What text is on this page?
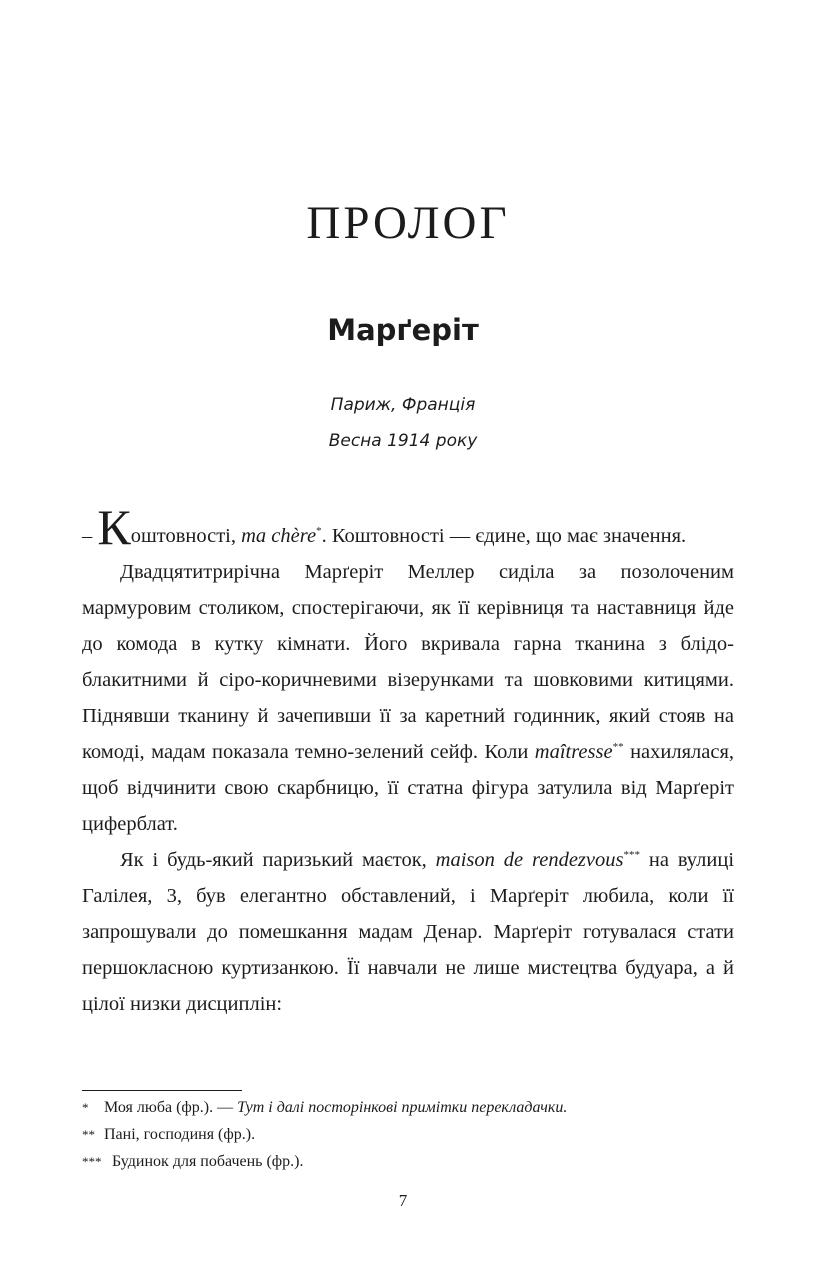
ПРОЛОГ
Марґеріт
Париж, Франція
Весна 1914 року

– Коштовності, ma chère*. Коштовності — єдине, що має значення.

Двадцятитрирічна Марґеріт Меллер сиділа за позолоченим мармуровим столиком, спостерігаючи, як її керівниця та наставниця йде до комода в кутку кімнати. Його вкривала гарна тканина з блідо-блакитними й сіро-коричневими візерунками та шовковими китицями. Піднявши тканину й зачепивши її за каретний годинник, який стояв на комоді, мадам показала темно-зелений сейф. Коли maîtresse** нахилялася, щоб відчинити свою скарбницю, її статна фігура затулила від Марґеріт циферблат.

Як і будь-який паризький маєток, maison de rendezvous*** на вулиці Галілея, 3, був елегантно обставлений, і Марґеріт любила, коли її запрошували до помешкання мадам Денар. Марґеріт готувалася стати першокласною куртизанкою. Її навчали не лише мистецтва будуара, а й цілої низки дисциплін:

* Моя люба (фр.). — Тут і далі посторінкові примітки перекладачки.
** Пані, господиня (фр.).
*** Будинок для побачень (фр.).
7
